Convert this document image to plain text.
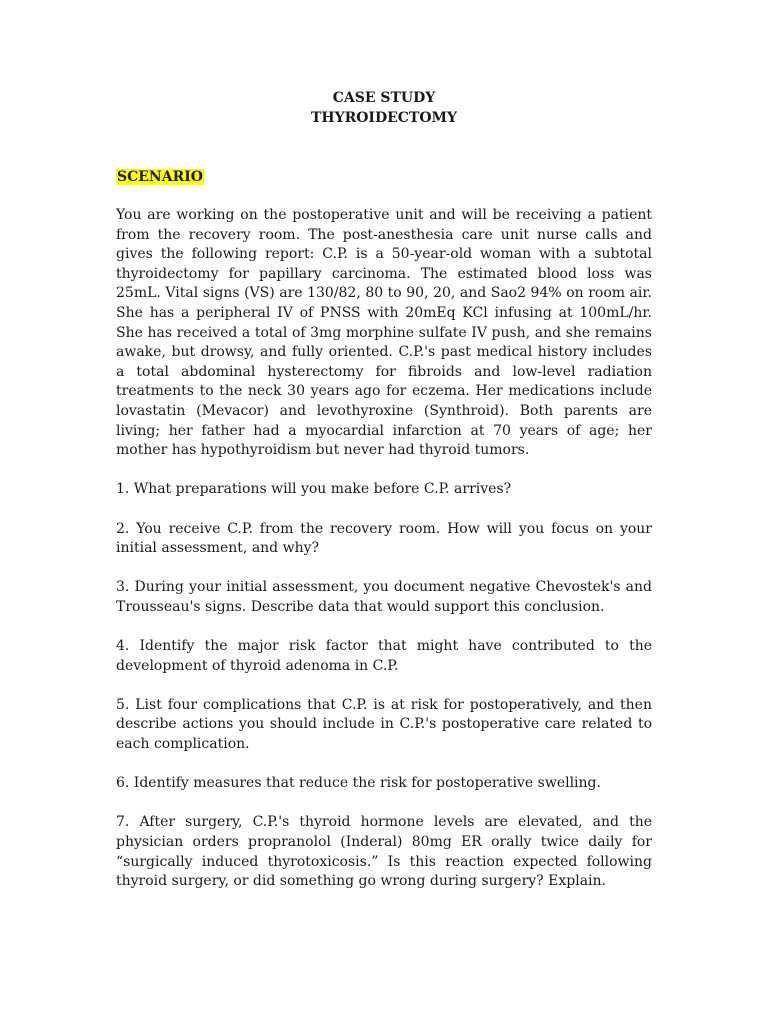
CASE STUDY

THYROIDECTOMY

SCENARIO

You are working on the postoperative unit and will be receiving a patient from the recovery room. The post-anesthesia care unit nurse calls and gives the following report: C.P. is a 50-year-old woman with a subtotal thyroidectomy for papillary carcinoma. The estimated blood loss was 25mL. Vital signs (VS) are 130/82, 80 to 90, 20, and Sao2 94% on room air. She has a peripheral IV of PNSS with 20mEq KCl infusing at 100mL/hr. She has received a total of 3mg morphine sulfate IV push, and she remains awake, but drowsy, and fully oriented. C.P.'s past medical history includes a total abdominal hysterectomy for fibroids and low-level radiation treatments to the neck 30 years ago for eczema. Her medications include lovastatin (Mevacor) and levothyroxine (Synthroid). Both parents are living; her father had a myocardial infarction at 70 years of age; her mother has hypothyroidism but never had thyroid tumors.

1. What preparations will you make before C.P. arrives?

2. You receive C.P. from the recovery room. How will you focus on your initial assessment, and why?

3. During your initial assessment, you document negative Chevostek's and Trousseau's signs. Describe data that would support this conclusion.

4. Identify the major risk factor that might have contributed to the development of thyroid adenoma in C.P.

5. List four complications that C.P. is at risk for postoperatively, and then describe actions you should include in C.P.'s postoperative care related to each complication.

6. Identify measures that reduce the risk for postoperative swelling.

7. After surgery, C.P.'s thyroid hormone levels are elevated, and the physician orders propranolol (Inderal) 80mg ER orally twice daily for “surgically induced thyrotoxicosis.” Is this reaction expected following thyroid surgery, or did something go wrong during surgery? Explain.
